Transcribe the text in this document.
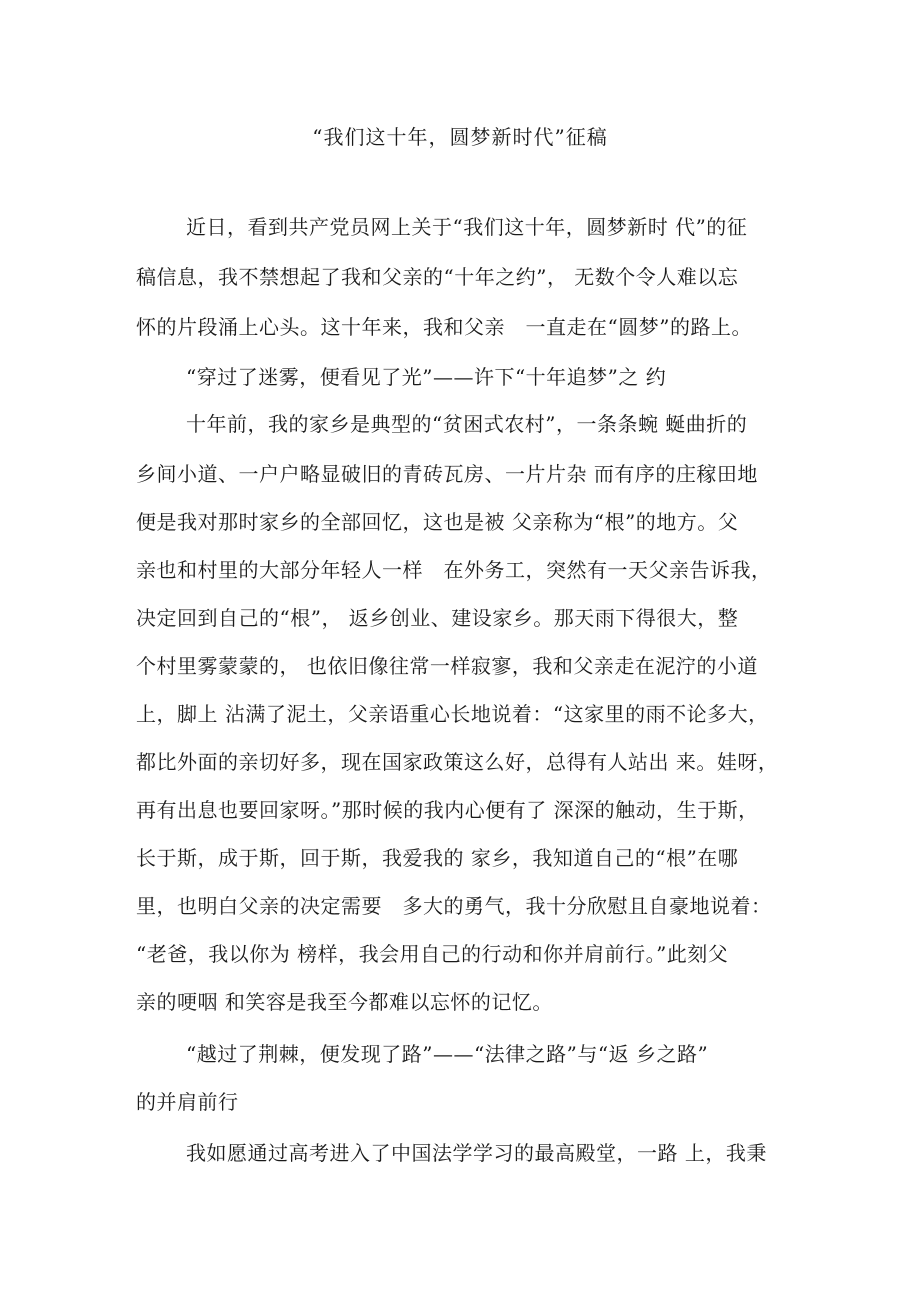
“我们这十年，圆梦新时代”征稿
近日，看到共产党员网上关于“我们这十年，圆梦新时 代”的征
稿信息，我不禁想起了我和父亲的“十年之约”， 无数个令人难以忘
怀的片段涌上心头。这十年来，我和父亲　一直走在“圆梦”的路上。
“穿过了迷雾，便看见了光”——许下“十年追梦”之 约
十年前，我的家乡是典型的“贫困式农村”，一条条蜿 蜒曲折的
乡间小道、一户户略显破旧的青砖瓦房、一片片杂 而有序的庄稼田地
便是我对那时家乡的全部回忆，这也是被 父亲称为“根”的地方。父
亲也和村里的大部分年轻人一样　在外务工，突然有一天父亲告诉我，
决定回到自己的“根”， 返乡创业、建设家乡。那天雨下得很大，整
个村里雾蒙蒙的， 也依旧像往常一样寂寥，我和父亲走在泥泞的小道
上，脚上 沾满了泥土，父亲语重心长地说着：“这家里的雨不论多大，
都比外面的亲切好多，现在国家政策这么好，总得有人站出 来。娃呀，
再有出息也要回家呀。”那时候的我内心便有了 深深的触动，生于斯，
长于斯，成于斯，回于斯，我爱我的 家乡，我知道自己的“根”在哪
里，也明白父亲的决定需要　多大的勇气，我十分欣慰且自豪地说着：
“老爸，我以你为 榜样，我会用自己的行动和你并肩前行。”此刻父
亲的哽咽 和笑容是我至今都难以忘怀的记忆。
“越过了荆棘，便发现了路”——“法律之路”与“返 乡之路”
的并肩前行
我如愿通过高考进入了中国法学学习的最高殿堂，一路 上，我秉
